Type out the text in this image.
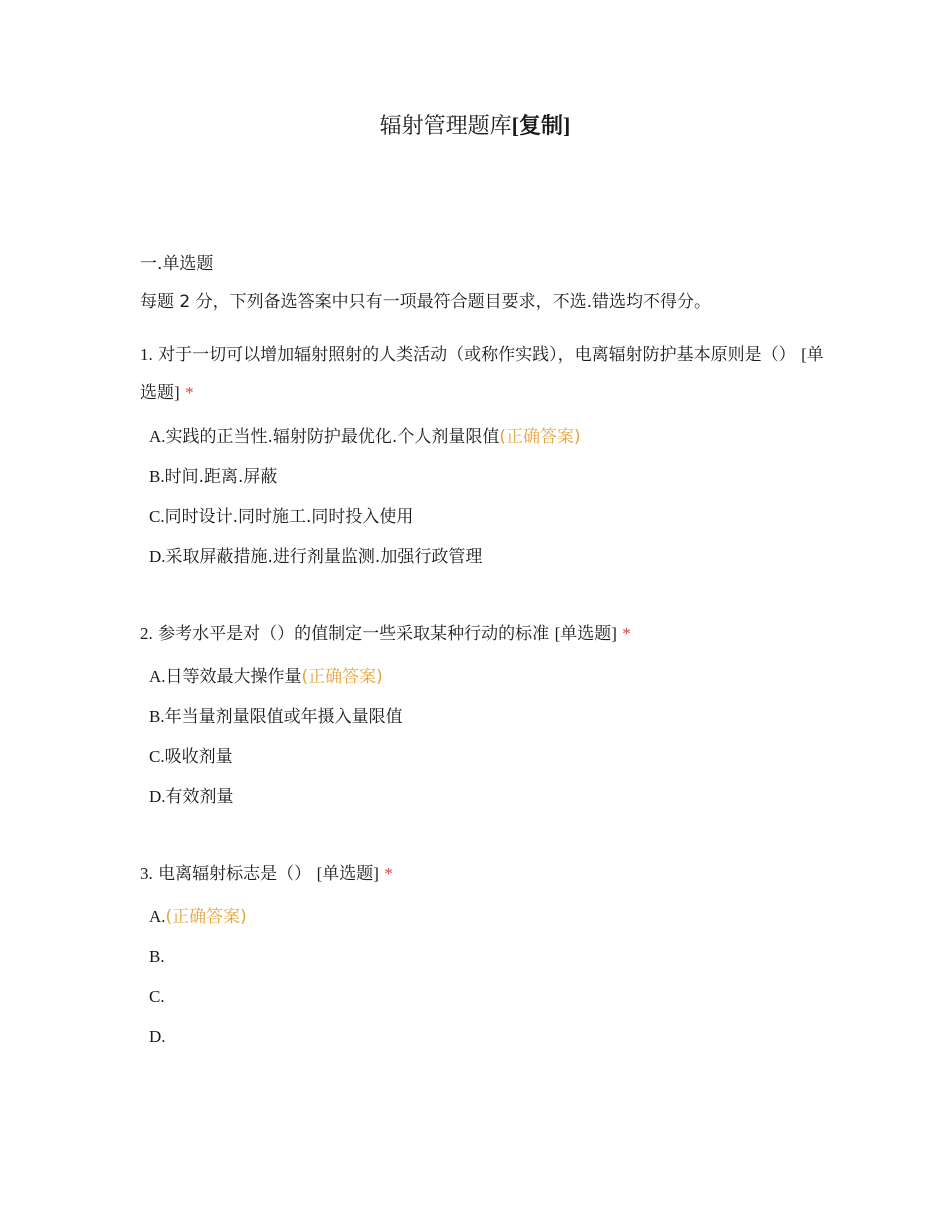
辐射管理题库[复制]

一.单选题

每题 2 分，下列备选答案中只有一项最符合题目要求，不选.错选均不得分。

1. 对于一切可以增加辐射照射的人类活动（或称作实践），电离辐射防护基本原则是（） [单选题] *

A.实践的正当性.辐射防护最优化.个人剂量限值(正确答案)
B.时间.距离.屏蔽
C.同时设计.同时施工.同时投入使用
D.采取屏蔽措施.进行剂量监测.加强行政管理

2. 参考水平是对（）的值制定一些采取某种行动的标准 [单选题] *

A.日等效最大操作量(正确答案)
B.年当量剂量限值或年摄入量限值
C.吸收剂量
D.有效剂量

3. 电离辐射标志是（） [单选题] *

A.(正确答案)
B.
C.
D.
